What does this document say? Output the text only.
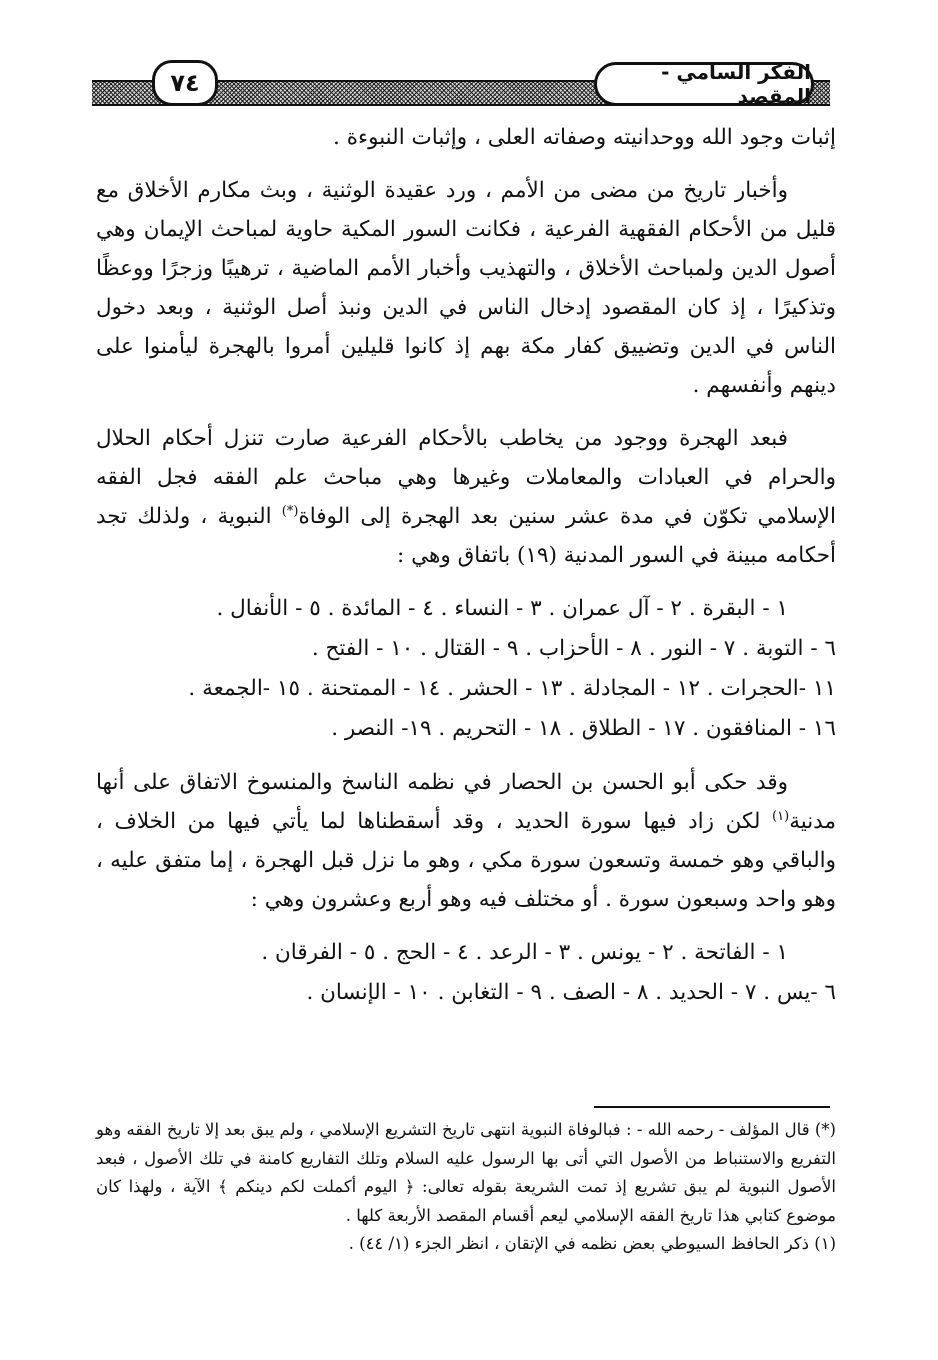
الفكر السامي - المقصد
٧٤

إثبات وجود الله ووحدانيته وصفاته العلى ، وإثبات النبوءة .

وأخبار تاريخ من مضى من الأمم ، ورد عقيدة الوثنية ، وبث مكارم الأخلاق مع قليل من الأحكام الفقهية الفرعية ، فكانت السور المكية حاوية لمباحث الإيمان وهي أصول الدين ولمباحث الأخلاق ، والتهذيب وأخبار الأمم الماضية ، ترهيبًا وزجرًا ووعظًا وتذكيرًا ، إذ كان المقصود إدخال الناس في الدين ونبذ أصل الوثنية ، وبعد دخول الناس في الدين وتضييق كفار مكة بهم إذ كانوا قليلين أمروا بالهجرة ليأمنوا على دينهم وأنفسهم .

فبعد الهجرة ووجود من يخاطب بالأحكام الفرعية صارت تنزل أحكام الحلال والحرام في العبادات والمعاملات وغيرها وهي مباحث علم الفقه فجل الفقه الإسلامي تكوّن في مدة عشر سنين بعد الهجرة إلى الوفاة(*) النبوية ، ولذلك تجد أحكامه مبينة في السور المدنية (١٩) باتفاق وهي :

١ - البقرة . ٢ - آل عمران . ٣ - النساء . ٤ - المائدة . ٥ - الأنفال .
٦ - التوبة . ٧ - النور . ٨ - الأحزاب . ٩ - القتال . ١٠ - الفتح .
١١ -الحجرات . ١٢ - المجادلة . ١٣ - الحشر . ١٤ - الممتحنة . ١٥ -الجمعة .
١٦ - المنافقون . ١٧ - الطلاق . ١٨ - التحريم . ١٩- النصر .

وقد حكى أبو الحسن بن الحصار في نظمه الناسخ والمنسوخ الاتفاق على أنها مدنية$^{(١)}$ لكن زاد فيها سورة الحديد ، وقد أسقطناها لما يأتي فيها من الخلاف ، والباقي وهو خمسة وتسعون سورة مكي ، وهو ما نزل قبل الهجرة ، إما متفق عليه ، وهو واحد وسبعون سورة . أو مختلف فيه وهو أربع وعشرون وهي :

١ - الفاتحة . ٢ - يونس . ٣ - الرعد . ٤ - الحج . ٥ - الفرقان .
٦ -يس . ٧ - الحديد . ٨ - الصف . ٩ - التغابن . ١٠ - الإنسان .

(*) قال المؤلف - رحمه الله - : فبالوفاة النبوية انتهى تاريخ التشريع الإسلامي ، ولم يبق بعد إلا تاريخ الفقه وهو التفريع والاستنباط من الأصول التي أتى بها الرسول عليه السلام وتلك التفاريع كامنة في تلك الأصول ، فبعد الأصول النبوية لم يبق تشريع إذ تمت الشريعة بقوله تعالى: ﴿ اليوم أكملت لكم دينكم ﴾ الآية ، ولهذا كان موضوع كتابي هذا تاريخ الفقه الإسلامي ليعم أقسام المقصد الأربعة كلها .

(١) ذكر الحافظ السيوطي بعض نظمه في الإتقان ، انظر الجزء (١/ ٤٤) .
